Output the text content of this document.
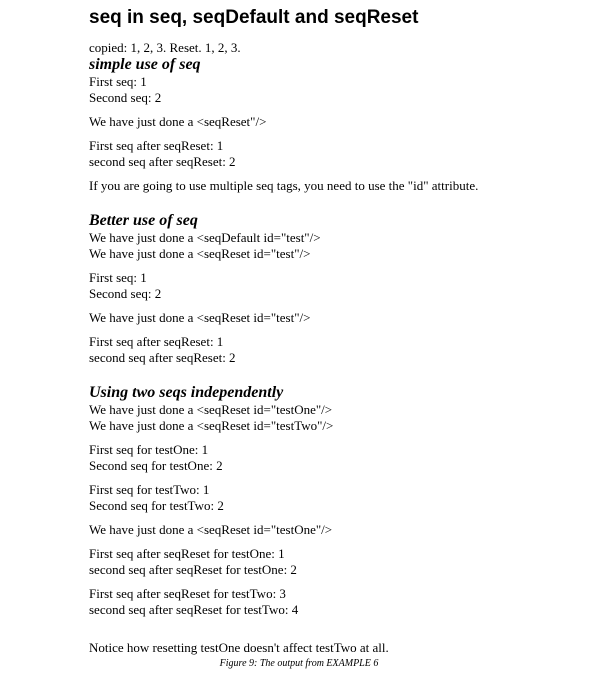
seq in seq, seqDefault and seqReset

copied: 1, 2, 3. Reset. 1, 2, 3.

simple use of seq

First seq: 1
Second seq: 2

We have just done a <seqReset"/>

First seq after seqReset: 1
second seq after seqReset: 2

If you are going to use multiple seq tags, you need to use the "id" attribute.

Better use of seq

We have just done a <seqDefault id="test"/>
We have just done a <seqReset id="test"/>

First seq: 1
Second seq: 2

We have just done a <seqReset id="test"/>

First seq after seqReset: 1
second seq after seqReset: 2

Using two seqs independently

We have just done a <seqReset id="testOne"/>
We have just done a <seqReset id="testTwo"/>

First seq for testOne: 1
Second seq for testOne: 2

First seq for testTwo: 1
Second seq for testTwo: 2

We have just done a <seqReset id="testOne"/>

First seq after seqReset for testOne: 1
second seq after seqReset for testOne: 2

First seq after seqReset for testTwo: 3
second seq after seqReset for testTwo: 4

Notice how resetting testOne doesn't affect testTwo at all.

Figure 9: The output from EXAMPLE 6
